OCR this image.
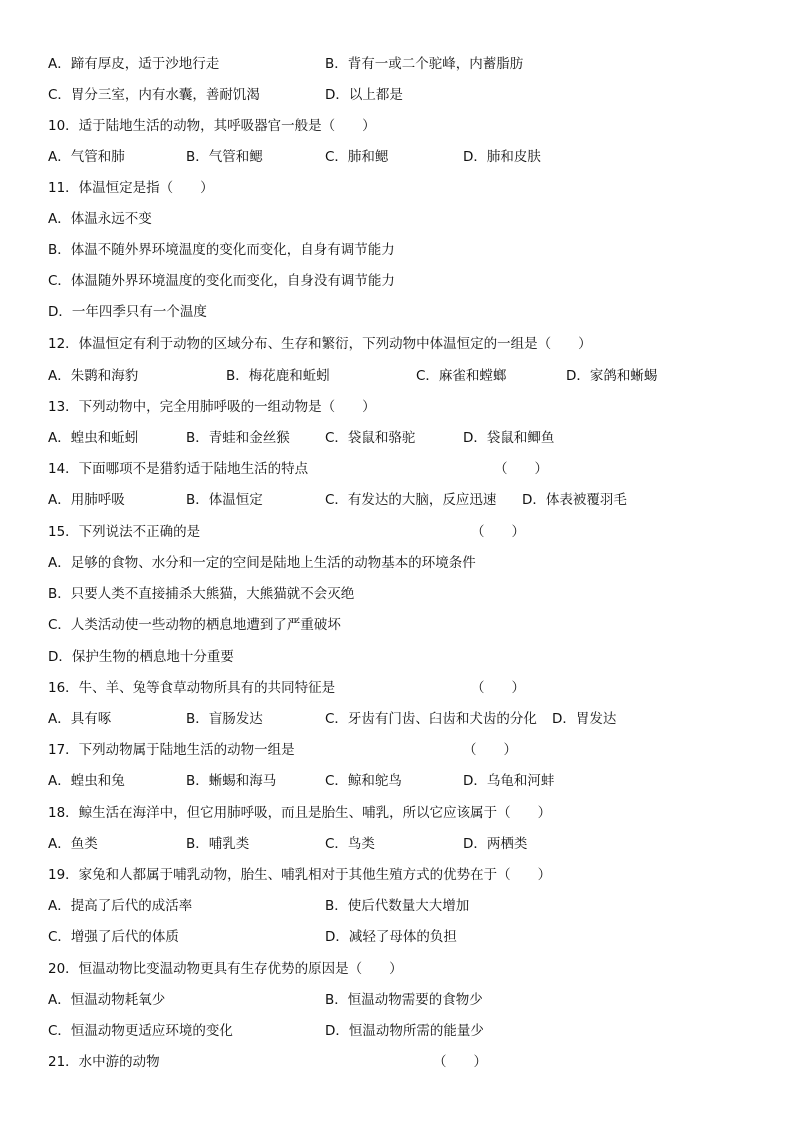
A．蹄有厚皮，适于沙地行走	B．背有一或二个驼峰，内蓄脂肪
C．胃分三室，内有水囊，善耐饥渴	D．以上都是
10．适于陆地生活的动物，其呼吸器官一般是（　　）
A．气管和肺	B．气管和鳃	C．肺和鳃	D．肺和皮肤
11．体温恒定是指（　　）
A．体温永远不变
B．体温不随外界环境温度的变化而变化，自身有调节能力
C．体温随外界环境温度的变化而变化，自身没有调节能力
D．一年四季只有一个温度
12．体温恒定有利于动物的区域分布、生存和繁衍，下列动物中体温恒定的一组是（　　）
A．朱鹮和海豹	B．梅花鹿和蚯蚓	C．麻雀和螳螂	D．家鸽和蜥蜴
13．下列动物中，完全用肺呼吸的一组动物是（　　）
A．蝗虫和蚯蚓	B．青蛙和金丝猴	C．袋鼠和骆驼	D．袋鼠和鲫鱼
14．下面哪项不是猎豹适于陆地生活的特点	（　　）
A．用肺呼吸	B．体温恒定	C．有发达的大脑，反应迅速 D．体表被覆羽毛
15．下列说法不正确的是	（　　）
A．足够的食物、水分和一定的空间是陆地上生活的动物基本的环境条件
B．只要人类不直接捕杀大熊猫，大熊猫就不会灭绝
C．人类活动使一些动物的栖息地遭到了严重破坏
D．保护生物的栖息地十分重要
16．牛、羊、兔等食草动物所具有的共同特征是	（　　）
A．具有啄	B．盲肠发达	C．牙齿有门齿、臼齿和犬齿的分化 D．胃发达
17．下列动物属于陆地生活的动物一组是	（　　）
A．蝗虫和兔	B．蜥蜴和海马	C．鲸和鸵鸟	D．乌龟和河蚌
18．鲸生活在海洋中，但它用肺呼吸，而且是胎生、哺乳，所以它应该属于（　　）
A．鱼类	B．哺乳类	C．鸟类	D．两栖类
19．家兔和人都属于哺乳动物，胎生、哺乳相对于其他生殖方式的优势在于（　　）
A．提高了后代的成活率	B．使后代数量大大增加
C．增强了后代的体质	D．减轻了母体的负担
20．恒温动物比变温动物更具有生存优势的原因是（　　）
A．恒温动物耗氧少	B．恒温动物需要的食物少
C．恒温动物更适应环境的变化	D．恒温动物所需的能量少
21．水中游的动物	（　　）
